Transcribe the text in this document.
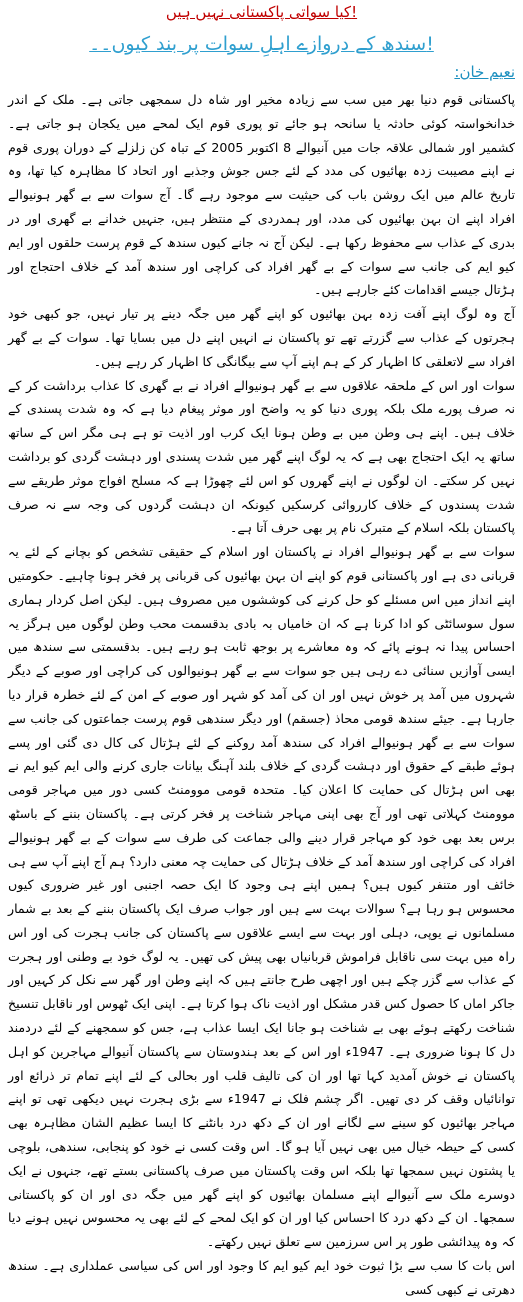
کیا سواتی پاکستانی نہیں ہیں!
سندھ کے دروازے اہلِ سوات پر بند کیوں۔۔!
نعیم خان:

پاکستانی قوم دنیا بھر میں سب سے زیادہ مخیر اور شاہ دل سمجھی جاتی ہے۔ ملک کے اندر خدانخواستہ کوئی حادثہ یا سانحہ ہو جائے تو پوری قوم ایک لمحے میں یکجان ہو جاتی ہے۔ کشمیر اور شمالی علاقہ جات میں آنیوالے 8 اکتوبر 2005 کے تباہ کن زلزلے کے دوران پوری قوم نے اپنے مصیبت زدہ بھائیوں کی مدد کے لئے جس جوش وجذبے اور اتحاد کا مظاہرہ کیا تھا، وہ تاریخ عالم میں ایک روشن باب کی حیثیت سے موجود رہے گا۔ آج سوات سے بے گھر ہونیوالے افراد اپنے ان بہن بھائیوں کی مدد، اور ہمدردی کے منتظر ہیں، جنہیں خدانے بے گھری اور در بدری کے عذاب سے محفوظ رکھا ہے۔ لیکن آج نہ جانے کیوں سندھ کے قوم پرست حلقوں اور ایم کیو ایم کی جانب سے سوات کے بے گھر افراد کی کراچی اور سندھ آمد کے خلاف احتجاج اور ہڑتال جیسے اقدامات کئے جارہے ہیں۔

آج وہ لوگ اپنے آفت زدہ بہن بھائیوں کو اپنے گھر میں جگہ دینے پر تیار نہیں، جو کبھی خود ہجرتوں کے عذاب سے گزرتے تھے تو پاکستان نے انہیں اپنے دل میں بسایا تھا۔ سوات کے بے گھر افراد سے لاتعلقی کا اظہار کر کے ہم اپنے آپ سے بیگانگی کا اظہار کر رہے ہیں۔

سوات اور اس کے ملحقہ علاقوں سے بے گھر ہونیوالے افراد نے بے گھری کا عذاب برداشت کر کے نہ صرف پورے ملک بلکہ پوری دنیا کو یہ واضح اور موثر پیغام دیا ہے کہ وہ شدت پسندی کے خلاف ہیں۔ اپنے ہی وطن میں بے وطن ہونا ایک کرب اور اذیت تو ہے ہی مگر اس کے ساتھ ساتھ یہ ایک احتجاج بھی ہے کہ یہ لوگ اپنے گھر میں شدت پسندی اور دہشت گردی کو برداشت نہیں کر سکتے۔ ان لوگوں نے اپنے گھروں کو اس لئے چھوڑا ہے کہ مسلح افواج موثر طریقے سے شدت پسندوں کے خلاف کارروائی کرسکیں کیونکہ ان دہشت گردوں کی وجہ سے نہ صرف پاکستان بلکہ اسلام کے متبرک نام پر بھی حرف آتا ہے۔

سوات سے بے گھر ہونیوالے افراد نے پاکستان اور اسلام کے حقیقی تشخص کو بچانے کے لئے یہ قربانی دی ہے اور پاکستانی قوم کو اپنے ان بہن بھائیوں کی قربانی پر فخر ہونا چاہیے۔ حکومتیں اپنے انداز میں اس مسئلے کو حل کرنے کی کوششوں میں مصروف ہیں۔ لیکن اصل کردار ہماری سول سوسائٹی کو ادا کرنا ہے کہ ان خامیاں بہ بادی بدقسمت محب وطن لوگوں میں ہرگز یہ احساس پیدا نہ ہونے پائے کہ وہ معاشرے پر بوجھ ثابت ہو رہے ہیں۔ بدقسمتی سے سندھ میں ایسی آوازیں سنائی دے رہی ہیں جو سوات سے بے گھر ہونیوالوں کی کراچی اور صوبے کے دیگر شہروں میں آمد پر خوش نہیں اور ان کی آمد کو شہر اور صوبے کے امن کے لئے خطرہ قرار دیا جارہا ہے۔ جیئے سندھ قومی محاذ (جسقم) اور دیگر سندھی قوم پرست جماعتوں کی جانب سے سوات سے بے گھر ہونیوالے افراد کی سندھ آمد روکنے کے لئے ہڑتال کی کال دی گئی اور پسے ہوئے طبقے کے حقوق اور دہشت گردی کے خلاف بلند آہنگ بیانات جاری کرنے والی ایم کیو ایم نے بھی اس ہڑتال کی حمایت کا اعلان کیا۔ متحدہ قومی موومنٹ کسی دور میں مہاجر قومی موومنٹ کہلاتی تھی اور آج بھی اپنی مہاجر شناخت پر فخر کرتی ہے۔ پاکستان بننے کے باسٹھ برس بعد بھی خود کو مہاجر قرار دینے والی جماعت کی طرف سے سوات کے بے گھر ہونیوالے افراد کی کراچی اور سندھ آمد کے خلاف ہڑتال کی حمایت چہ معنی دارد؟ ہم آج اپنے آپ سے ہی خائف اور متنفر کیوں ہیں؟ ہمیں اپنے ہی وجود کا ایک حصہ اجنبی اور غیر ضروری کیوں محسوس ہو رہا ہے؟ سوالات بہت سے ہیں اور جواب صرف ایک پاکستان بننے کے بعد بے شمار مسلمانوں نے یوپی، دہلی اور بہت سے ایسے علاقوں سے پاکستان کی جانب ہجرت کی اور اس راہ میں بہت سی ناقابل فراموش قربانیاں بھی پیش کی تھیں۔ یہ لوگ خود بے وطنی اور ہجرت کے عذاب سے گزر چکے ہیں اور اچھی طرح جانتے ہیں کہ اپنے وطن اور گھر سے نکل کر کہیں اور جاکر اماں کا حصول کس قدر مشکل اور اذیت ناک ہوا کرتا ہے۔ اپنی ایک ٹھوس اور ناقابل تنسیخ شناخت رکھتے ہوئے بھی بے شناخت ہو جانا ایک ایسا عذاب ہے، جس کو سمجھنے کے لئے دردمند دل کا ہونا ضروری ہے۔ 1947ء اور اس کے بعد ہندوستان سے پاکستان آنیوالے مہاجرین کو اہل پاکستان نے خوش آمدید کہا تھا اور ان کی تالیف قلب اور بحالی کے لئے اپنے تمام تر ذرائع اور توانائیاں وقف کر دی تھیں۔ اگر چشم فلک نے 1947ء سے بڑی ہجرت نہیں دیکھی تھی تو اپنے مہاجر بھائیوں کو سینے سے لگانے اور ان کے دکھ درد بانٹنے کا ایسا عظیم الشان مظاہرہ بھی کسی کے حیطہ خیال میں بھی نہیں آیا ہو گا۔ اس وقت کسی نے خود کو پنجابی، سندھی، بلوچی یا پشتون نہیں سمجھا تھا بلکہ اس وقت پاکستان میں صرف پاکستانی بستے تھے، جنہوں نے ایک دوسرے ملک سے آنیوالے اپنے مسلمان بھائیوں کو اپنے گھر میں جگہ دی اور ان کو پاکستانی سمجھا۔ ان کے دکھ درد کا احساس کیا اور ان کو ایک لمحے کے لئے بھی یہ محسوس نہیں ہونے دیا کہ وہ پیدائشی طور پر اس سرزمین سے تعلق نہیں رکھتے۔

اس بات کا سب سے بڑا ثبوت خود ایم کیو ایم کا وجود اور اس کی سیاسی عملداری ہے۔ سندھ دھرتی نے کبھی کسی
